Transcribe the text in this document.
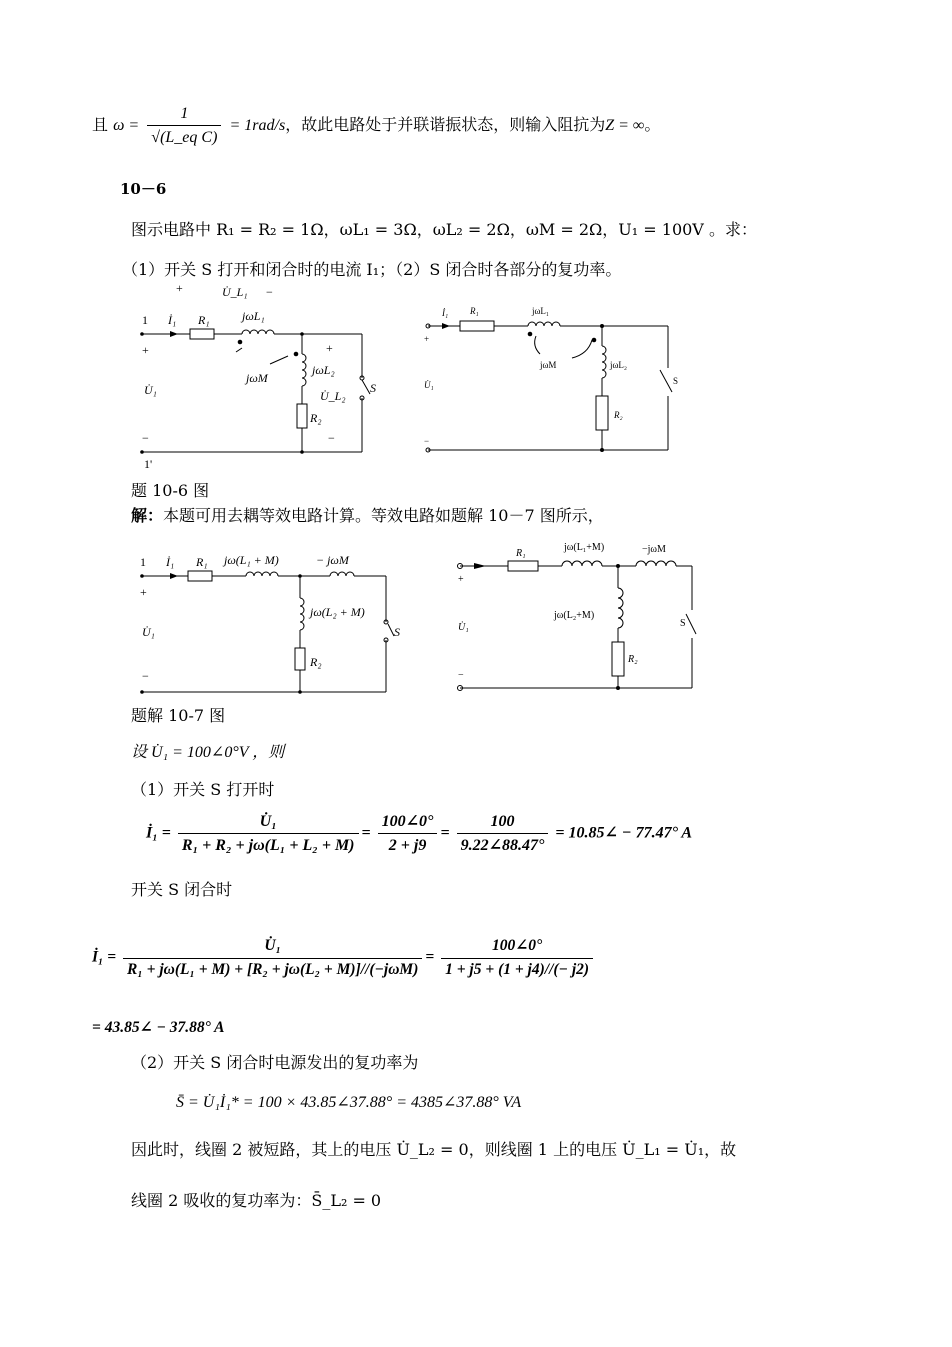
且 $\omega = \frac{1}{\text{√(L\_eq C)}} = 1rad/s$，故此电路处于并联谐振状态，则输入阻抗为Z = ∞。
10－6
图示电路中 R₁ = R₂ = 1Ω，ωL₁ = 3Ω，ωL₂ = 2Ω，ωM = 2Ω，U₁ = 100V 。求：
（1）开关 S 打开和闭合时的电流 I₁；（2）S 闭合时各部分的复功率。
+	U̇_L₁ −
1 İ₁ R₁	jωL₁
+
U̇₁
−
1'
jωM
+
jωL₂
U̇_L₂
S
R₂
−
İ₁ R₁	jωL₁
+
U̇₁
−
jωM	jωL₂
S
R₂
题 10-6 图
解：本题可用去耦等效电路计算。等效电路如题解 10－7 图所示，
1 İ₁ R₁ jω(L₁ + M)	− jωM
+
U̇₁
−
jω(L₂ + M)
S
R₂
R₁
jω(L₁+M)	−jωM
+
U̇₁
−
jω(L₂+M)
S
R₂
题解 10-7 图
设 U̇₁ = 100∠0°V ，则
（1）开关 S 打开时
İ₁ = $\frac{\text{U̇₁}}{\text{R₁ + R₂ + jω(L₁ + L₂ + M)}} = \frac{100\angle 0^\circ}{2 + j9} = \frac{100}{9.22\angle 88.47^\circ}$ = 10.85∠ − 77.47° A
开关 S 闭合时
İ₁ = $\frac{\text{U̇₁}}{\text{R₁ + jω(L₁ + M) + [R₂ + jω(L₂ + M)]//(−jωM)}} = \frac{100\angle 0^\circ}{1 + j5 + (1 + j4)//(- j2)}$
= 43.85∠ − 37.88° A
（2）开关 S 闭合时电源发出的复功率为
S̄ = U̇₁İ₁* = 100 × 43.85∠37.88° = 4385∠37.88° VA
因此时，线圈 2 被短路，其上的电压 U̇_L₂ = 0，则线圈 1 上的电压 U̇_L₁ = U̇₁，故
线圈 2 吸收的复功率为：S̄_L₂ = 0
